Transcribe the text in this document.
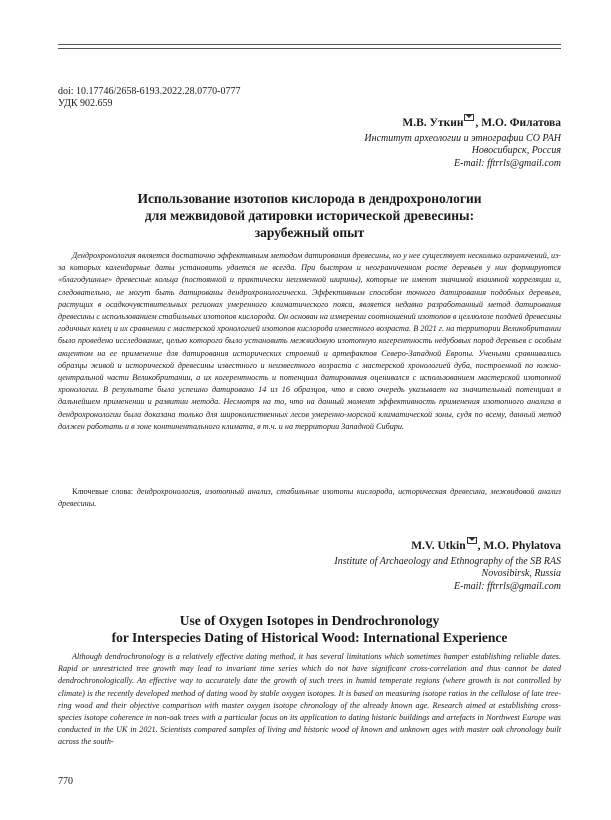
doi: 10.17746/2658-6193.2022.28.0770-0777
УДК 902.659
М.В. Уткин , М.О. Филатова
Институт археологии и этнографии СО РАН
Новосибирск, Россия
E-mail: fftrrls@gmail.com
Использование изотопов кислорода в дендрохронологии
для межвидовой датировки исторической древесины:
зарубежный опыт

Дендрохронология является достаточно эффективным методом датирования древесины, но у нее существует несколько ограничений, из-за которых календарные даты установить удается не всегда. При быстром и неограниченном росте деревьев у них формируются «благодушные» древесные кольца (постоянной и практически неизменной ширины), которые не имеют значимой взаимной корреляции и, следовательно, не могут быть датированы дендрохронологически. Эффективным способом точного датирования подобных деревьев, растущих в осадкочувствительных регионах умеренного климатического пояса, является недавно разработанный метод датирования древесины с использованием стабильных изотопов кислорода. Он основан на измерении соотношений изотопов в целлюлозе поздней древесины годичных колец и их сравнении с мастерской хронологией изотопов кислорода известного возраста. В 2021 г. на территории Великобритании было проведено исследование, целью которого было установить межвидовую изотопную когерентность недубовых пород деревьев с особым акцентом на ее применение для датирования исторических строений и артефактов Северо-Западной Европы. Учеными сравнивались образцы живой и исторической древесины известного и неизвестного возраста с мастерской хронологией дуба, построенной по южно-центральной части Великобритании, а их когерентность и потенциал датирования оценивался с использованием мастерской изотопной хронологии. В результате было успешно датировано 14 из 16 образцов, что в свою очередь указывает на значительный потенциал в дальнейшем применении и развитии метода. Несмотря на то, что на данный момент эффективность применения изотопного анализа в дендрохронологии была доказана только для широколиственных лесов умеренно-морской климатической зоны, судя по всему, данный метод должен работать и в зоне континентального климата, в т.ч. и на территории Западной Сибири.

Ключевые слова: дендрохронология, изотопный анализ, стабильные изотопы кислорода, историческая древесина, межвидовой анализ древесины.

M.V. Utkin , M.O. Phylatova
Institute of Archaeology and Ethnography of the SB RAS
Novosibirsk, Russia
E-mail: fftrrls@gmail.com
Use of Oxygen Isotopes in Dendrochronology
for Interspecies Dating of Historical Wood: International Experience

Although dendrochronology is a relatively effective dating method, it has several limitations which sometimes hamper establishing reliable dates. Rapid or unrestricted tree growth may lead to invariant time series which do not have significant cross-correlation and thus cannot be dated dendrochronologically. An effective way to accurately date the growth of such trees in humid temperate regions (where growth is not controlled by climate) is the recently developed method of dating wood by stable oxygen isotopes. It is based on measuring isotope ratios in the cellulose of late tree-ring wood and their objective comparison with master oxygen isotope chronology of the already known age. Research aimed at establishing cross-species isotope coherence in non-oak trees with a particular focus on its application to dating historic buildings and artefacts in Northwest Europe was conducted in the UK in 2021. Scientists compared samples of living and historic wood of known and unknown ages with master oak chronology built across the south-

770
